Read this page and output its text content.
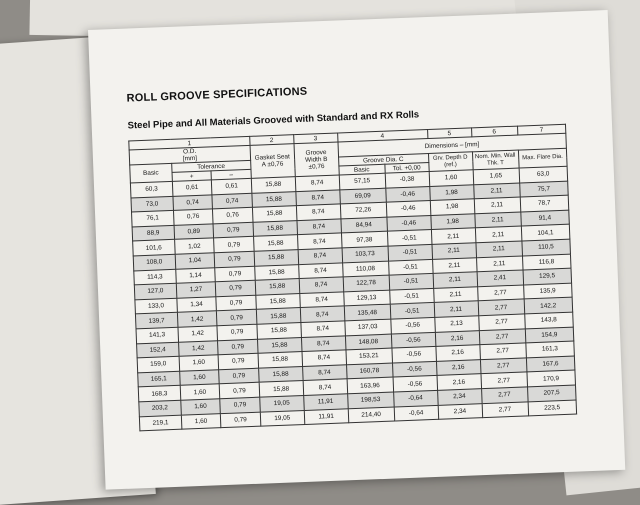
ROLL GROOVE SPECIFICATIONS
Steel Pipe and All Materials Grooved with Standard and RX Rolls
1			2	3	4		5	6	7
O.D.
[mm]			Gasket Seat A ±0,76	Groove Width B ±0,76	Dimensions – [mm]				
Basic	Tolerance				Groove Dia. C		Grv. Depth D (ref.)	Nom. Min. Wall Thk. T	Max. Flare Dia.
	+	–			Basic	Tol. +0,00			
60,3	0,61	0,61	15,88	8,74	57,15	-0,38	1,60	1,65	63,0
73,0	0,74	0,74	15,88	8,74	69,09	-0,46	1,98	2,11	75,7
76,1	0,76	0,76	15,88	8,74	72,26	-0,46	1,98	2,11	78,7
88,9	0,89	0,79	15,88	8,74	84,94	-0,46	1,98	2,11	91,4
101,6	1,02	0,79	15,88	8,74	97,38	-0,51	2,11	2,11	104,1
108,0	1,04	0,79	15,88	8,74	103,73	-0,51	2,11	2,11	110,5
114,3	1,14	0,79	15,88	8,74	110,08	-0,51	2,11	2,11	116,8
127,0	1,27	0,79	15,88	8,74	122,78	-0,51	2,11	2,41	129,5
133,0	1,34	0,79	15,88	8,74	129,13	-0,51	2,11	2,77	135,9
139,7	1,42	0,79	15,88	8,74	135,48	-0,51	2,11	2,77	142,2
141,3	1,42	0,79	15,88	8,74	137,03	-0,56	2,13	2,77	143,8
152,4	1,42	0,79	15,88	8,74	148,08	-0,56	2,16	2,77	154,9
159,0	1,60	0,79	15,88	8,74	153,21	-0,56	2,16	2,77	161,3
165,1	1,60	0,79	15,88	8,74	160,78	-0,56	2,16	2,77	167,6
168,3	1,60	0,79	15,88	8,74	163,96	-0,56	2,16	2,77	170,9
203,2	1,60	0,79	19,05	11,91	198,53	-0,64	2,34	2,77	207,5
219,1	1,60	0,79	19,05	11,91	214,40	-0,64	2,34	2,77	223,5
